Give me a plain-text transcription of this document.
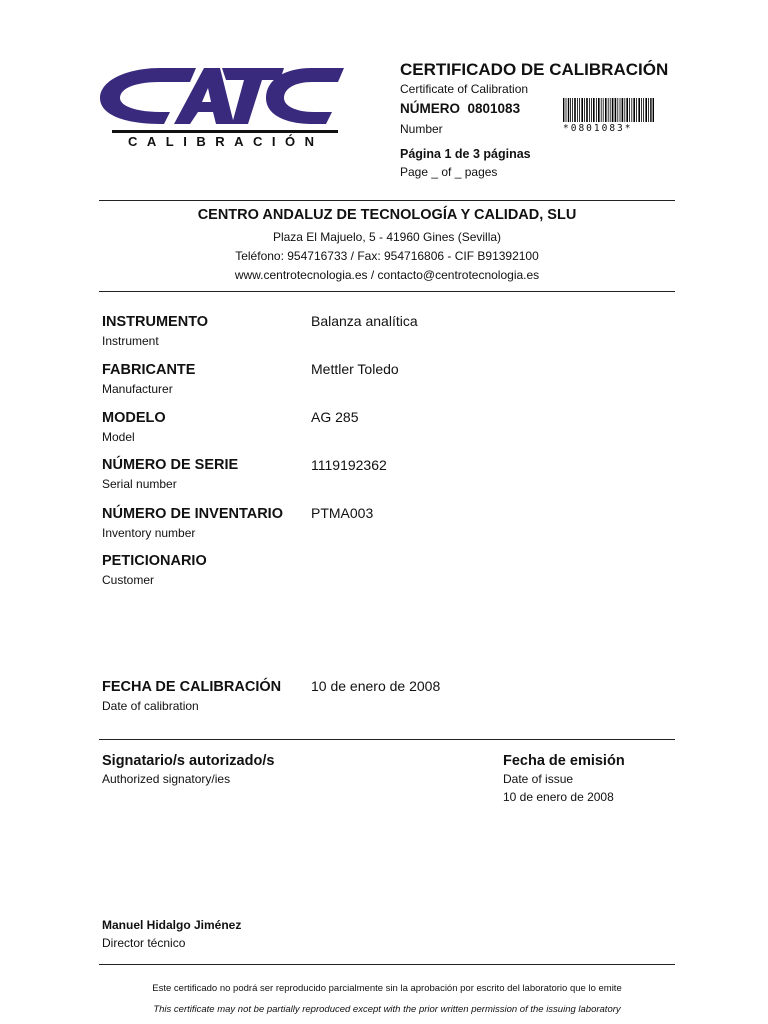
CALIBRACIÓN
CERTIFICADO DE CALIBRACIÓN
Certificate of Calibration
NÚMERO 0801083
Number	*0801083*
Página 1 de 3 páginas
Page _ of _ pages
CENTRO ANDALUZ DE TECNOLOGÍA Y CALIDAD, SLU
Plaza El Majuelo, 5 - 41960 Gines (Sevilla)
Teléfono: 954716733 / Fax: 954716806 - CIF B91392100
www.centrotecnologia.es / contacto@centrotecnologia.es
INSTRUMENTO
Instrument
Balanza analítica
FABRICANTE
Manufacturer
Mettler Toledo
MODELO
Model
AG 285
NÚMERO DE SERIE
Serial number
1119192362
NÚMERO DE INVENTARIO
Inventory number
PTMA003
PETICIONARIO
Customer
FECHA DE CALIBRACIÓN
Date of calibration
10 de enero de 2008
Signatario/s autorizado/s
Authorized signatory/ies
Fecha de emisión
Date of issue
10 de enero de 2008
Manuel Hidalgo Jiménez
Director técnico
Este certificado no podrá ser reproducido parcialmente sin la aprobación por escrito del laboratorio que lo emite
This certificate may not be partially reproduced except with the prior written permission of the issuing laboratory
